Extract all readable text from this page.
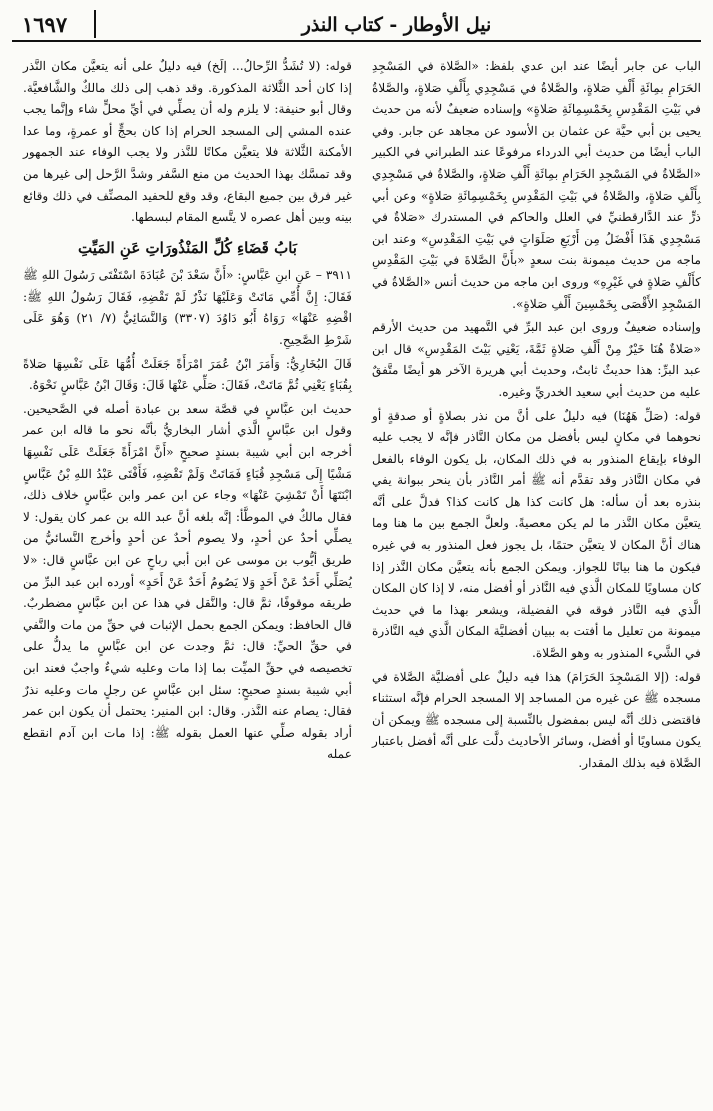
نيل الأوطار - كتاب النذر
١٦٩٧

الباب عن جابر أيضًا عند ابن عدي بلفظ: «الصَّلاة في المَسْجِدِ الحَرَامِ بمِائَةِ أَلْفِ صَلاةٍ، والصَّلاةُ في مَسْجِدِي بِأَلْفِ صَلاةٍ، والصَّلاةُ في بَيْتِ المَقْدِسِ بِخَمْسِمِائَةِ صَلاةٍ» وإسناده ضعيفٌ لأنه من حديث يحيى بن أبي حيَّة عن عثمان بن الأسود عن مجاهد عن جابر. وفي الباب أيضًا من حديث أبي الدرداء مرفوعًا عند الطبراني في الكبير «الصَّلاةُ في المَسْجِدِ الحَرَامِ بمِائَةِ أَلْفِ صَلاةٍ، والصَّلاةُ في مَسْجِدِي بِأَلْفِ صَلاةٍ، والصَّلاةُ في بَيْتِ المَقْدِسِ بِخَمْسِمِائَةِ صَلاةٍ» وعن أبي ذرٍّ عند الدَّارقطنيِّ في العلل والحاكم في المستدرك «صَلاةٌ في مَسْجِدِي هَذَا أَفْضَلُ مِن أَرْبَعِ صَلَوَاتٍ في بَيْتِ المَقْدِسِ» وعند ابن ماجه من حديث ميمونة بنت سعدٍ «بأَنَّ الصَّلاةَ في بَيْتِ المَقْدِسِ كأَلْفِ صَلاةٍ في غَيْرِهِ» وروى ابن ماجه من حديث أنس «الصَّلاةُ في المَسْجِدِ الأَقْصَى بِخَمْسِينَ أَلْفِ صَلاةٍ».

وإسناده ضعيفٌ وروى ابن عبد البرِّ في التَّمهيد من حديث الأرقم «صَلاةٌ هُنَا خَيْرٌ مِنْ أَلْفِ صَلاةٍ ثَمَّةَ، يَعْنِي بَيْتَ المَقْدِسِ» قال ابن عبد البرِّ: هذا حديثٌ ثابتٌ، وحديث أبي هريرة الآخر هو أيضًا متَّفقٌ عليه من حديث أبي سعيد الخدريِّ وغيره.

قوله: (صَلِّ هَهُنَا) فيه دليلٌ على أنَّ من نذر بصلاةٍ أو صدقةٍ أو نحوهما في مكانٍ ليس بأفضل من مكان النَّاذر فإنَّه لا يجب عليه الوفاء بإيقاع المنذور به في ذلك المكان، بل يكون الوفاء بالفعل في مكان النَّاذر وقد تقدَّم أنه ﷺ أمر النَّاذر بأن ينحر ببوانة يفي بنذره بعد أن سأله: هل كانت كذا هل كانت كذا؟ فدلَّ على أنَّه يتعيَّن مكان النَّذر ما لم يكن معصيةً. ولعلَّ الجمع بين ما هنا وما هناك أنَّ المكان لا يتعيَّن حتمًا، بل يجوز فعل المنذور به في غيره فيكون ما هنا بيانًا للجواز. ويمكن الجمع بأنه يتعيَّن مكان النَّذر إذا كان مساويًا للمكان الَّذي فيه النَّاذر أو أفضل منه، لا إذا كان المكان الَّذي فيه النَّاذر فوقه في الفضيلة، ويشعر بهذا ما في حديث ميمونة من تعليل ما أفتت به ببيان أفضليَّة المكان الَّذي فيه النَّاذرة في الشَّيء المنذور به وهو الصَّلاة.

قوله: (إلا المَسْجِدَ الحَرَامَ) هذا فيه دليلٌ على أفضليَّة الصَّلاة في مسجده ﷺ عن غيره من المساجد إلا المسجد الحرام فإنَّه استثناء فاقتضى ذلك أنَّه ليس بمفضول بالنِّسبة إلى مسجده ﷺ ويمكن أن يكون مساويًا أو أفضل، وسائر الأحاديث دلَّت على أنَّه أفضل باعتبار الصَّلاة فيه بذلك المقدار.

قوله: (لا تُشَدُّ الرِّحالُ... إلَخ) فيه دليلٌ على أنه يتعيَّن مكان النَّذر إذا كان أحد الثَّلاثة المذكورة. وقد ذهب إلى ذلك مالكٌ والشَّافعيَّة. وقال أبو حنيفة: لا يلزم وله أن يصلِّي في أيِّ محلٍّ شاء وإنَّما يجب عنده المشي إلى المسجد الحرام إذا كان بحجٍّ أو عمرةٍ، وما عدا الأمكنة الثَّلاثة فلا يتعيَّن مكانًا للنَّذر ولا يجب الوفاء عند الجمهور وقد تمسَّك بهذا الحديث من منع السَّفر وشدَّ الرَّحل إلى غيرها من غير فرق بين جميع البقاع، وقد وقع للحفيد المصنِّف في ذلك وقائع بينه وبين أهل عصره لا يتَّسع المقام لبسطها.

بَابُ قَضَاءِ كُلِّ المَنْذُورَاتِ عَنِ المَيِّتِ

٣٩١١ – عَنِ ابنِ عَبَّاسٍ: «أَنَّ سَعْدَ بْنَ عُبَادَةَ اسْتَفْتَى رَسُولَ اللهِ ﷺ فَقَالَ: إِنَّ أُمِّي مَاتَتْ وَعَلَيْهَا نَذْرٌ لَمْ تَقْضِهِ، فَقَالَ رَسُولُ اللهِ ﷺ: اقْضِهِ عَنْهَا» رَوَاهُ أَبُو دَاوُدَ (٣٣٠٧) وَالنَّسَائِيُّ (٧/ ٢١) وَهُوَ عَلَى شَرْطِ الصَّحِيحِ.

قَالَ البُخَارِيُّ: وَأَمَرَ ابْنُ عُمَرَ امْرَأَةً جَعَلَتْ أُمُّهَا عَلَى نَفْسِهَا صَلاةً بِقُبَاءٍ يَعْنِي ثُمَّ مَاتَتْ، فَقَالَ: صَلِّي عَنْهَا قَالَ: وَقَالَ ابْنُ عَبَّاسٍ نَحْوَهُ.

حديث ابن عبَّاسٍ في قصَّة سعد بن عبادة أصله في الصَّحيحين. وقول ابن عبَّاسٍ الَّذي أشار البخاريُّ بأنَّه نحو ما قاله ابن عمر أخرجه ابن أبي شيبة بسندٍ صحيحٍ «أَنَّ امْرَأَةً جَعَلَتْ عَلَى نَفْسِهَا مَشْيًا إِلَى مَسْجِدِ قُبَاءٍ فَمَاتَتْ وَلَمْ تَقْضِهِ، فَأَفْتَى عَبْدُ اللهِ بْنُ عَبَّاسٍ ابْنَتَهَا أَنْ تَمْشِيَ عَنْهَا» وجاء عن ابن عمر وابن عبَّاسٍ خلاف ذلك، فقال مالكٌ في الموطَّأ: إنَّه بلغه أنَّ عبد الله بن عمر كان يقول: لا يصلِّي أحدٌ عن أحدٍ، ولا يصوم أحدٌ عن أحدٍ وأخرج النَّسائيُّ من طريق أيُّوب بن موسى عن ابن أبي رباحٍ عن ابن عبَّاسٍ قال: «لا يُصَلِّي أَحَدٌ عَنْ أَحَدٍ وَلا يَصُومُ أَحَدٌ عَنْ أَحَدٍ» أورده ابن عبد البرِّ من طريقه موقوفًا، ثمَّ قال: والنَّقل في هذا عن ابن عبَّاسٍ مضطربٌ. قال الحافظ: ويمكن الجمع بحمل الإثبات في حقِّ من مات والنَّفي في حقِّ الحيِّ: قال: ثمَّ وجدت عن ابن عبَّاسٍ ما يدلُّ على تخصيصه في حقِّ الميِّت بما إذا مات وعليه شيءٌ واجبٌ فعند ابن أبي شيبة بسندٍ صحيحٍ: سئل ابن عبَّاسٍ عن رجلٍ مات وعليه نذرٌ فقال: يصام عنه النَّذر. وقال: ابن المنير: يحتمل أن يكون ابن عمر أراد بقوله صلِّي عنها العمل بقوله ﷺ: إذا مات ابن آدم انقطع عمله
